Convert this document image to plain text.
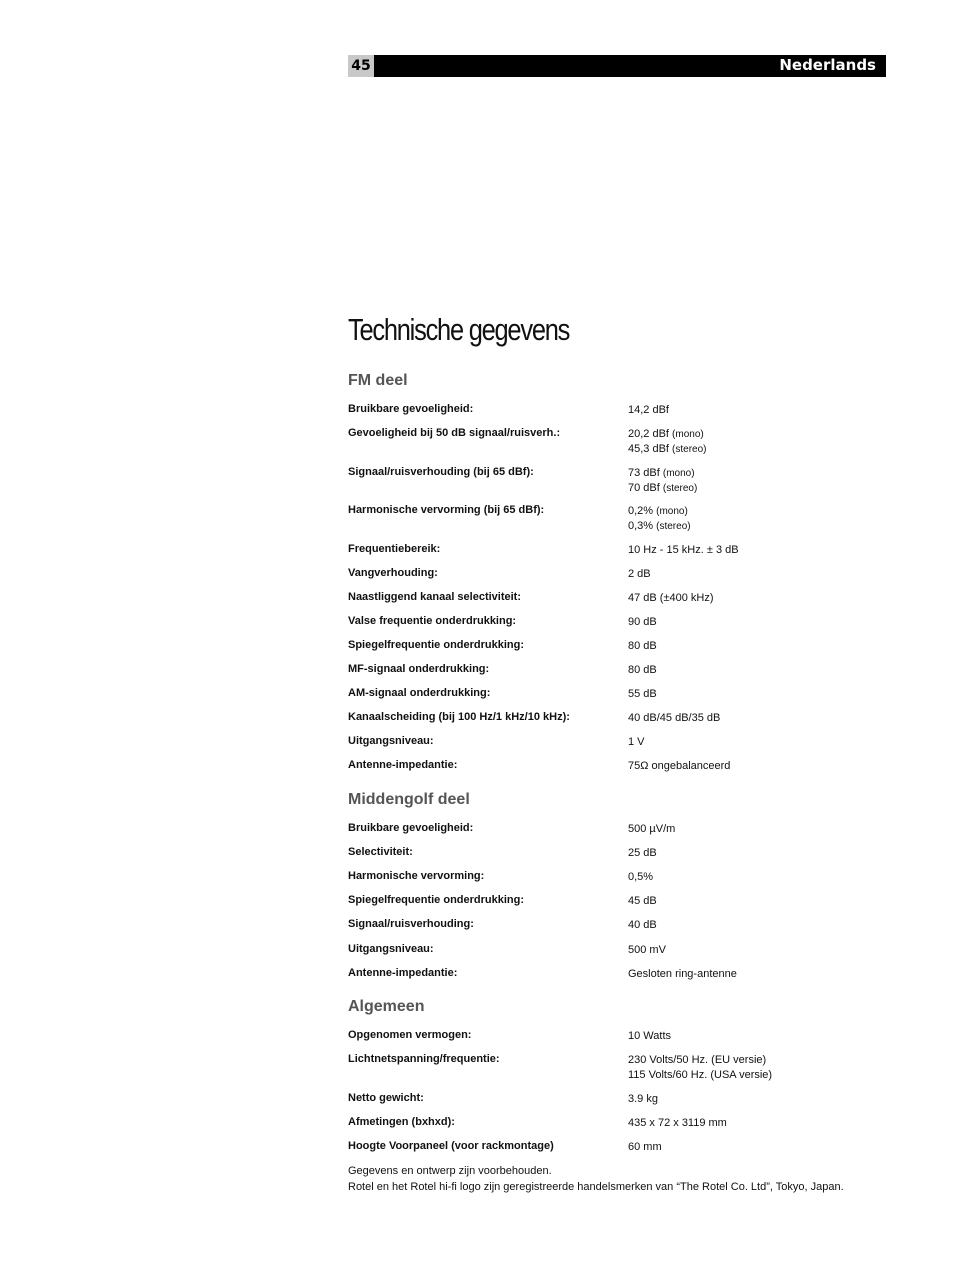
45	Nederlands
Technische gegevens
FM deel
Bruikbare gevoeligheid:	14,2 dBf
Gevoeligheid bij 50 dB signaal/ruisverh.:	20,2 dBf (mono)
45,3 dBf (stereo)
Signaal/ruisverhouding (bij 65 dBf):	73 dBf (mono)
70 dBf (stereo)
Harmonische vervorming (bij 65 dBf):	0,2% (mono)
0,3% (stereo)
Frequentiebereik:	10 Hz - 15 kHz. ± 3 dB
Vangverhouding:	2 dB
Naastliggend kanaal selectiviteit:	47 dB (±400 kHz)
Valse frequentie onderdrukking:	90 dB
Spiegelfrequentie onderdrukking:	80 dB
MF-signaal onderdrukking:	80 dB
AM-signaal onderdrukking:	55 dB
Kanaalscheiding (bij 100 Hz/1 kHz/10 kHz):	40 dB/45 dB/35 dB
Uitgangsniveau:	1 V
Antenne-impedantie:	75Ω ongebalanceerd
Middengolf deel
Bruikbare gevoeligheid:	500 µV/m
Selectiviteit:	25 dB
Harmonische vervorming:	0,5%
Spiegelfrequentie onderdrukking:	45 dB
Signaal/ruisverhouding:	40 dB
Uitgangsniveau:	500 mV
Antenne-impedantie:	Gesloten ring-antenne
Algemeen
Opgenomen vermogen:	10 Watts
Lichtnetspanning/frequentie:	230 Volts/50 Hz. (EU versie)
115 Volts/60 Hz. (USA versie)
Netto gewicht:	3.9 kg
Afmetingen (bxhxd):	435 x 72 x 3119 mm
Hoogte Voorpaneel (voor rackmontage)	60 mm
Gegevens en ontwerp zijn voorbehouden.
Rotel en het Rotel hi-fi logo zijn geregistreerde handelsmerken van “The Rotel Co. Ltd”, Tokyo, Japan.
